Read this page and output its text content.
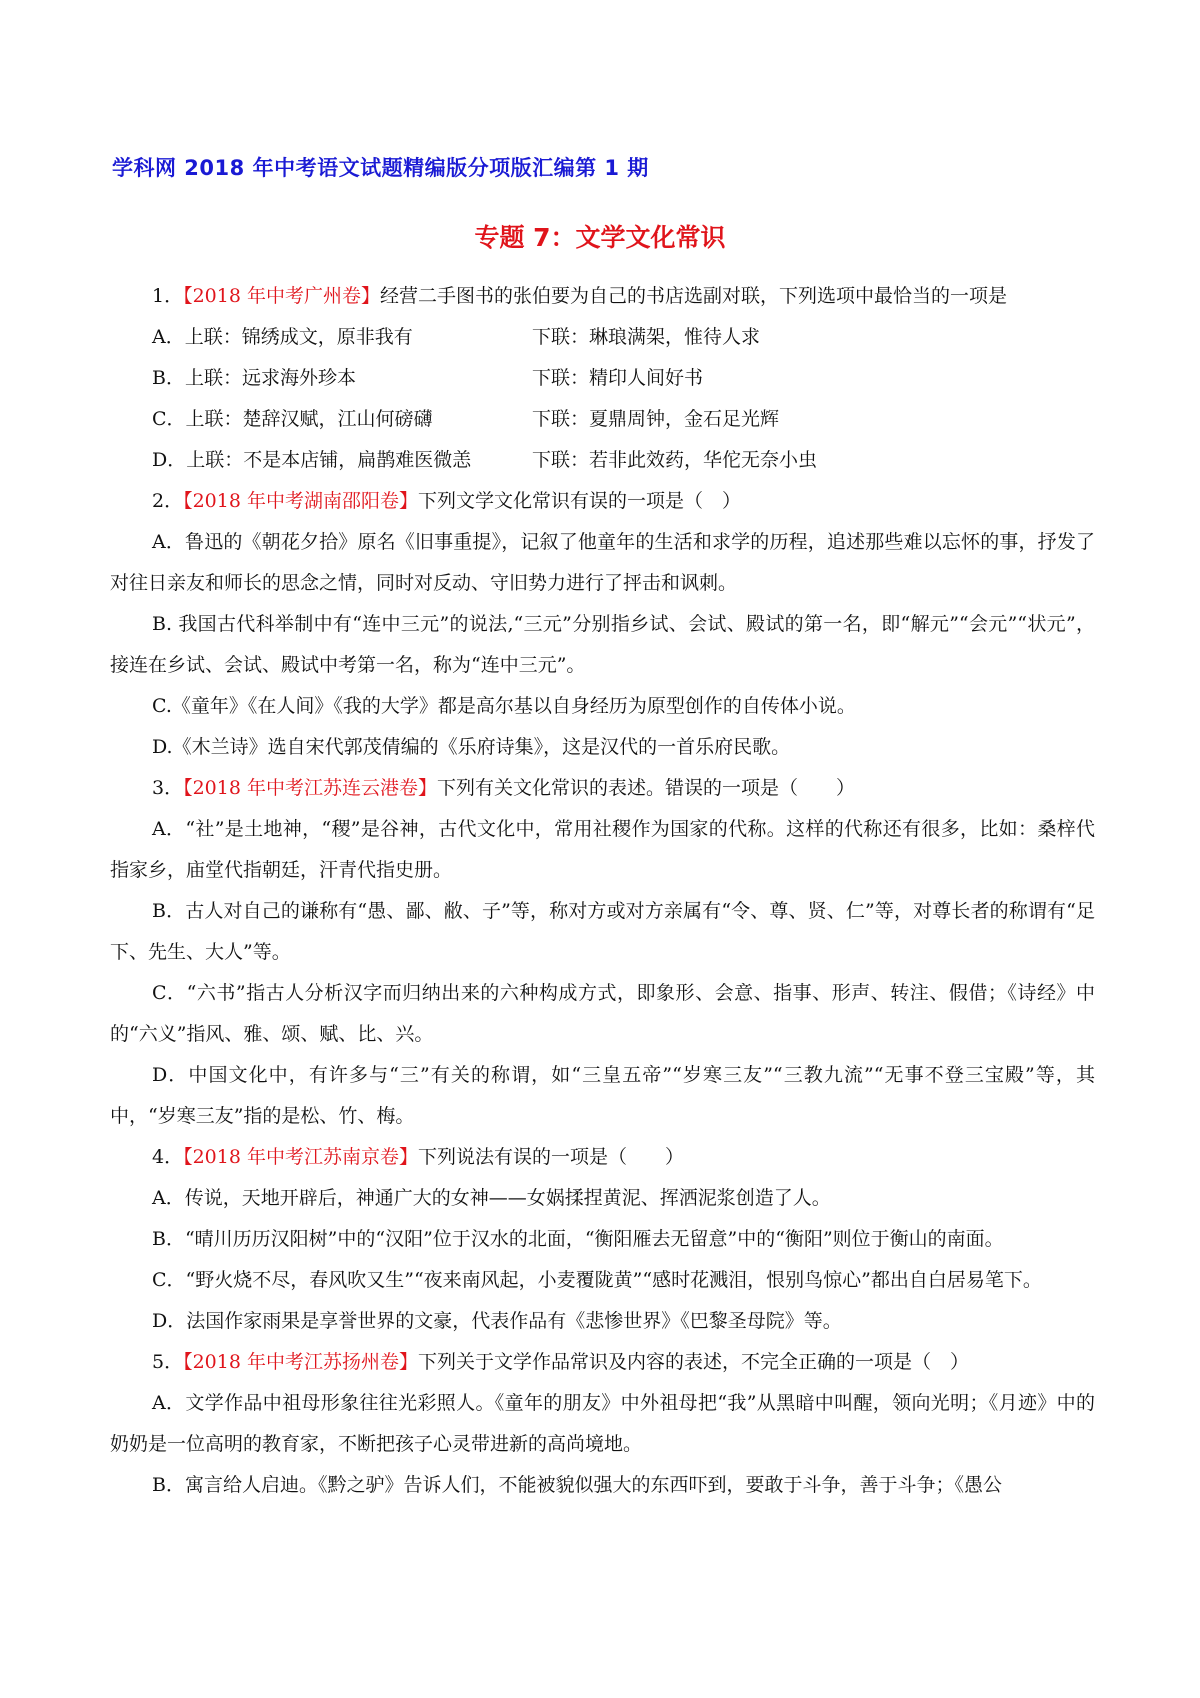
学科网 2018 年中考语文试题精编版分项版汇编第 1 期
专题 7：文学文化常识

1．【2018 年中考广州卷】经营二手图书的张伯要为自己的书店选副对联，下列选项中最恰当的一项是

A．上联：锦绣成文，原非我有	下联：琳琅满架，惟待人求
B．上联：远求海外珍本	下联：精印人间好书
C．上联：楚辞汉赋，江山何磅礴	下联：夏鼎周钟，金石足光辉
D．上联：不是本店铺，扁鹊难医微恙	下联：若非此效药，华佗无奈小虫

2．【2018 年中考湖南邵阳卷】下列文学文化常识有误的一项是（　）

A．鲁迅的《朝花夕拾》原名《旧事重提》，记叙了他童年的生活和求学的历程，追述那些难以忘怀的事，抒发了对往日亲友和师长的思念之情，同时对反动、守旧势力进行了抨击和讽刺。

B. 我国古代科举制中有“连中三元”的说法,“三元”分别指乡试、会试、殿试的第一名，即“解元”“会元”“状元”，接连在乡试、会试、殿试中考第一名，称为“连中三元”。

C.《童年》《在人间》《我的大学》都是高尔基以自身经历为原型创作的自传体小说。

D.《木兰诗》选自宋代郭茂倩编的《乐府诗集》，这是汉代的一首乐府民歌。

3．【2018 年中考江苏连云港卷】下列有关文化常识的表述。错误的一项是（　　）

A．“社”是土地神，“稷”是谷神，古代文化中，常用社稷作为国家的代称。这样的代称还有很多，比如：桑梓代指家乡，庙堂代指朝廷，汗青代指史册。

B．古人对自己的谦称有“愚、鄙、敝、子”等，称对方或对方亲属有“令、尊、贤、仁”等，对尊长者的称谓有“足下、先生、大人”等。

C．“六书”指古人分析汉字而归纳出来的六种构成方式，即象形、会意、指事、形声、转注、假借；《诗经》中的“六义”指风、雅、颂、赋、比、兴。

D．中国文化中，有许多与“三”有关的称谓，如“三皇五帝”“岁寒三友”“三教九流”“无事不登三宝殿”等，其中，“岁寒三友”指的是松、竹、梅。

4．【2018 年中考江苏南京卷】下列说法有误的一项是（　　）

A．传说，天地开辟后，神通广大的女神——女娲揉捏黄泥、挥洒泥浆创造了人。

B．“晴川历历汉阳树”中的“汉阳”位于汉水的北面，“衡阳雁去无留意”中的“衡阳”则位于衡山的南面。

C．“野火烧不尽，春风吹又生”“夜来南风起，小麦覆陇黄”“感时花溅泪，恨别鸟惊心”都出自白居易笔下。

D．法国作家雨果是享誉世界的文豪，代表作品有《悲惨世界》《巴黎圣母院》等。

5．【2018 年中考江苏扬州卷】下列关于文学作品常识及内容的表述，不完全正确的一项是（　）

A．文学作品中祖母形象往往光彩照人。《童年的朋友》中外祖母把“我”从黑暗中叫醒，领向光明；《月迹》中的奶奶是一位高明的教育家，不断把孩子心灵带进新的高尚境地。

B．寓言给人启迪。《黔之驴》告诉人们，不能被貌似强大的东西吓到，要敢于斗争，善于斗争；《愚公
